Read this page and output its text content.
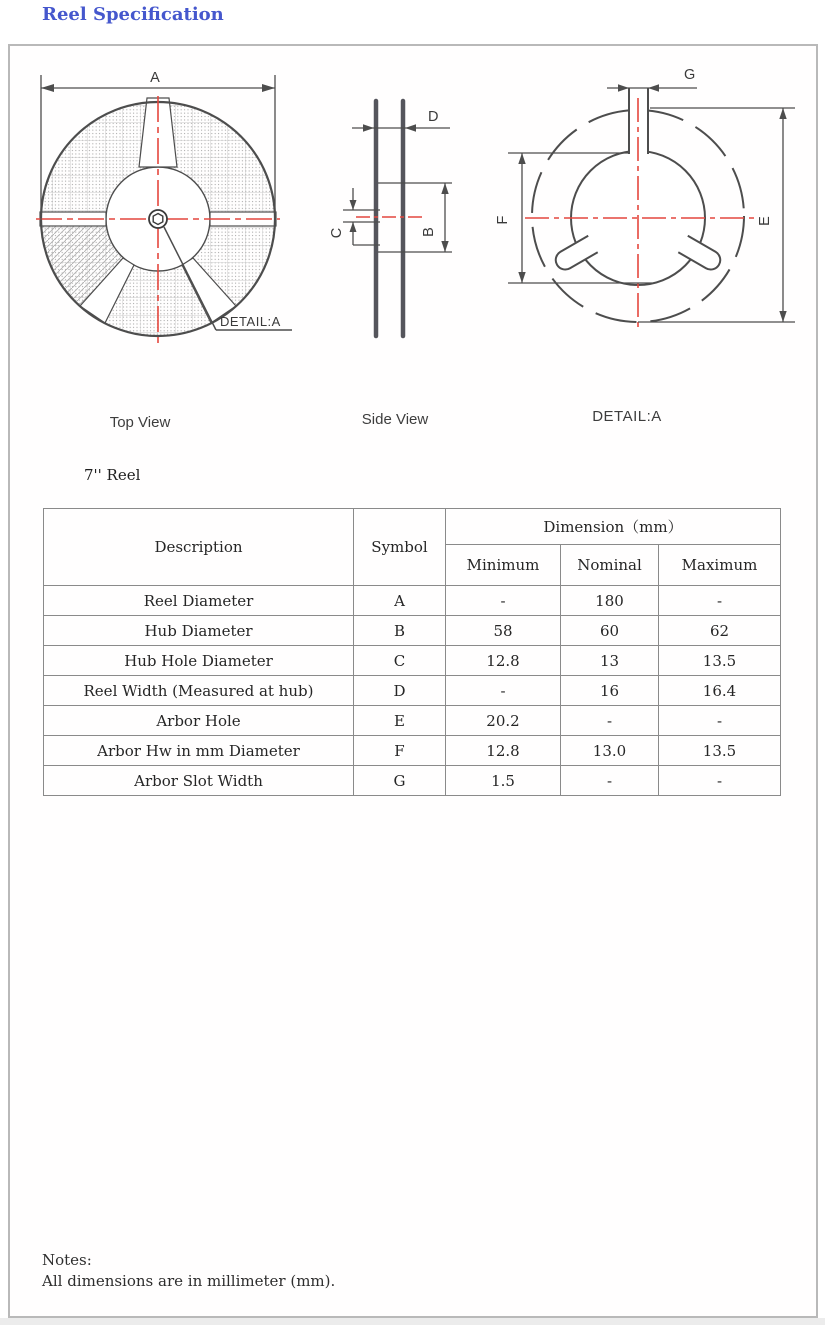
Reel Specification
A
DETAIL:A
D
B
C
G
E
F
Top View	Side View	DETAIL:A
7'' Reel
Description	Symbol	Dimension（mm）		
		Minimum	Nominal	Maximum
Reel Diameter	A	-	180	-
Hub Diameter	B	58	60	62
Hub Hole Diameter	C	12.8	13	13.5
Reel Width (Measured at hub)	D	-	16	16.4
Arbor Hole	E	20.2	-	-
Arbor Hw in mm Diameter	F	12.8	13.0	13.5
Arbor Slot Width	G	1.5	-	-
Notes:
All dimensions are in millimeter (mm).
